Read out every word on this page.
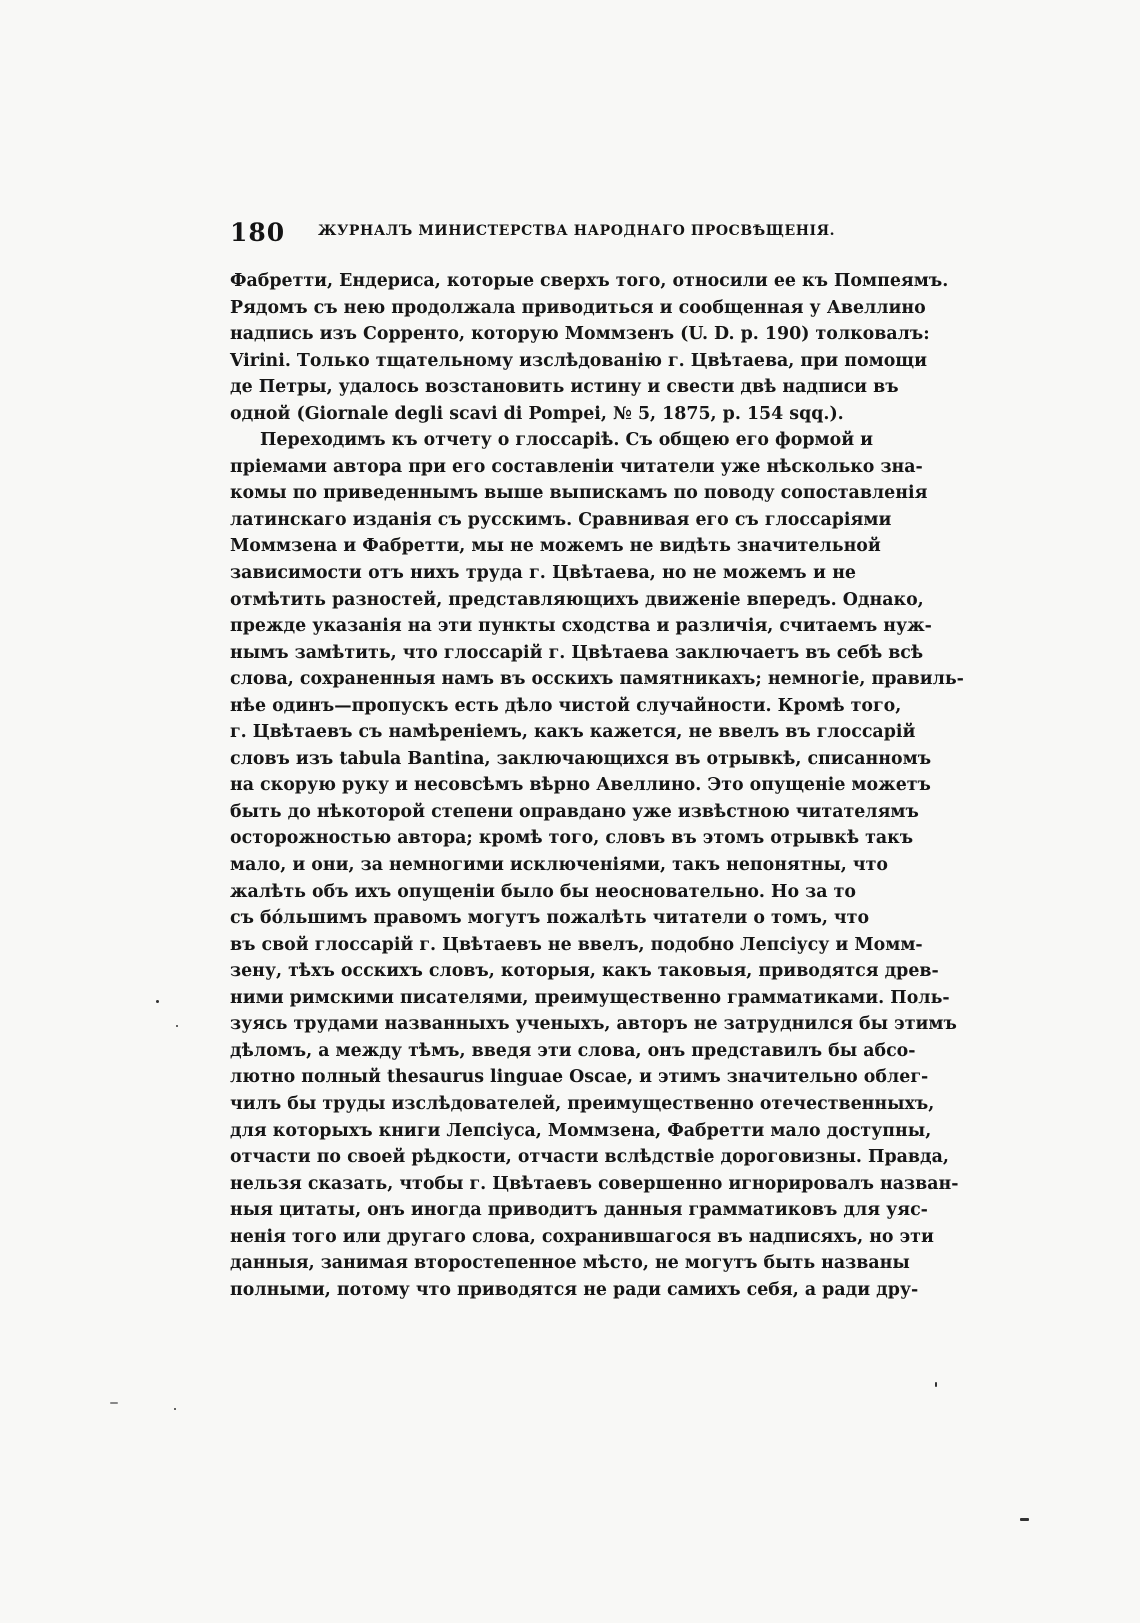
180 ЖУРНАЛЪ МИНИСТЕРСТВА НАРОДНАГО ПРОСВѢЩЕНІЯ.
Фабретти, Ендериса, которые сверхъ того, относили ее къ Помпеямъ.
Рядомъ съ нею продолжала приводиться и сообщенная у Авеллино
надпись изъ Сорренто, которую Моммзенъ (U. D. p. 190) толковалъ:
Virini. Только тщательному изслѣдованію г. Цвѣтаева, при помощи
де Петры, удалось возстановить истину и свести двѣ надписи въ
одной (Giornale degli scavi di Pompei, № 5, 1875, p. 154 sqq.).
Переходимъ къ отчету о глоссаріѣ. Съ общею его формой и
пріемами автора при его составленіи читатели уже нѣсколько зна-
комы по приведеннымъ выше выпискамъ по поводу сопоставленія
латинскаго изданія съ русскимъ. Сравнивая его съ глоссаріями
Моммзена и Фабретти, мы не можемъ не видѣть значительной
зависимости отъ нихъ труда г. Цвѣтаева, но не можемъ и не
отмѣтить разностей, представляющихъ движеніе впередъ. Однако,
прежде указанія на эти пункты сходства и различія, считаемъ нуж-
нымъ замѣтить, что глоссарій г. Цвѣтаева заключаетъ въ себѣ всѣ
слова, сохраненныя намъ въ осскихъ памятникахъ; немногіе, правиль-
нѣе одинъ—пропускъ есть дѣло чистой случайности. Кромѣ того,
г. Цвѣтаевъ съ намѣреніемъ, какъ кажется, не ввелъ въ глоссарій
словъ изъ tabula Bantina, заключающихся въ отрывкѣ, списанномъ
на скорую руку и несовсѣмъ вѣрно Авеллино. Это опущеніе можетъ
быть до нѣкоторой степени оправдано уже извѣстною читателямъ
осторожностью автора; кромѣ того, словъ въ этомъ отрывкѣ такъ
мало, и они, за немногими исключеніями, такъ непонятны, что
жалѣть объ ихъ опущеніи было бы неосновательно. Но за то
съ бо́льшимъ правомъ могутъ пожалѣть читатели о томъ, что
въ свой глоссарій г. Цвѣтаевъ не ввелъ, подобно Лепсіусу и Момм-
зену, тѣхъ осскихъ словъ, которыя, какъ таковыя, приводятся древ-
ними римскими писателями, преимущественно грамматиками. Поль-
зуясь трудами названныхъ ученыхъ, авторъ не затруднился бы этимъ
дѣломъ, а между тѣмъ, введя эти слова, онъ представилъ бы абсо-
лютно полный thesaurus linguae Oscae, и этимъ значительно облег-
чилъ бы труды изслѣдователей, преимущественно отечественныхъ,
для которыхъ книги Лепсіуса, Моммзена, Фабретти мало доступны,
отчасти по своей рѣдкости, отчасти вслѣдствіе дороговизны. Правда,
нельзя сказать, чтобы г. Цвѣтаевъ совершенно игнорировалъ назван-
ныя цитаты, онъ иногда приводитъ данныя грамматиковъ для уяс-
ненія того или другаго слова, сохранившагося въ надписяхъ, но эти
данныя, занимая второстепенное мѣсто, не могутъ быть названы
полными, потому что приводятся не ради самихъ себя, а ради дру-
